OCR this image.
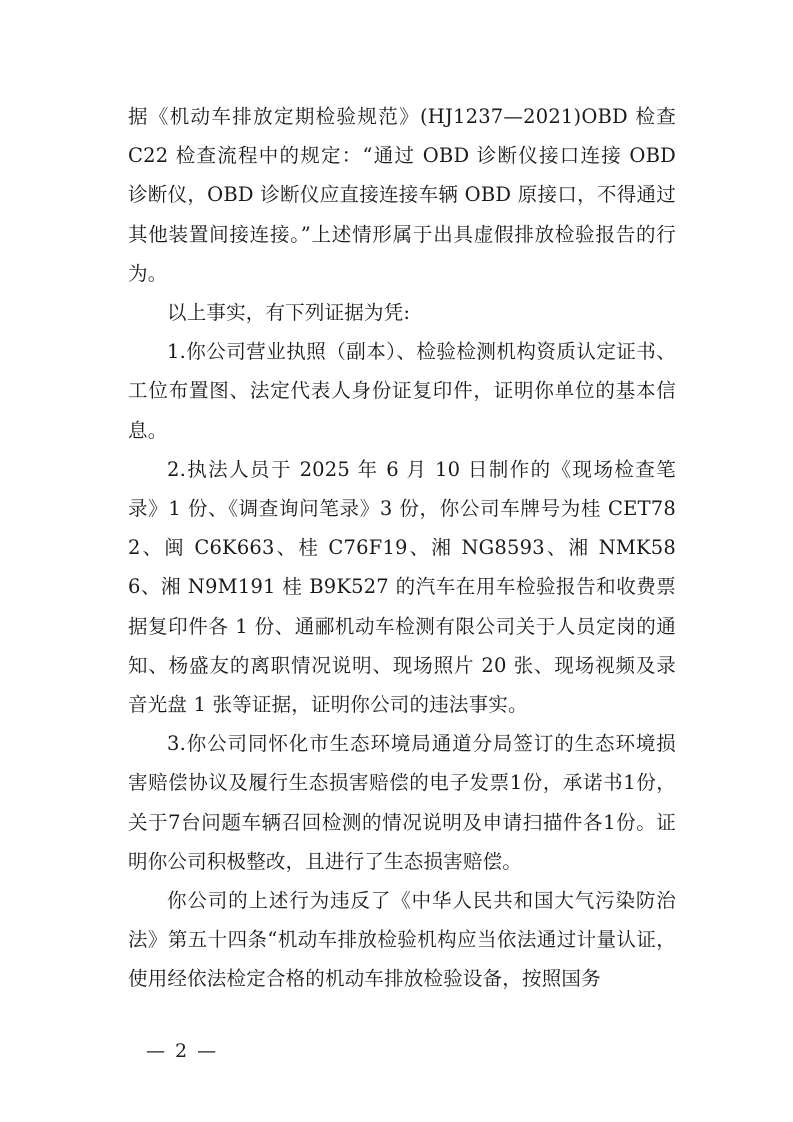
据《机动车排放定期检验规范》(HJ1237—2021)OBD 检查 C22 检查流程中的规定：“通过 OBD 诊断仪接口连接 OBD 诊断仪，OBD 诊断仪应直接连接车辆 OBD 原接口，不得通过其他装置间接连接。”上述情形属于出具虚假排放检验报告的行为。

以上事实，有下列证据为凭:

1.你公司营业执照（副本）、检验检测机构资质认定证书、工位布置图、法定代表人身份证复印件，证明你单位的基本信息。

2.执法人员于 2025 年 6 月 10 日制作的《现场检查笔录》1 份、《调查询问笔录》3 份，你公司车牌号为桂 CET782、闽 C6K663、桂 C76F19、湘 NG8593、湘 NMK586、湘 N9M191 桂 B9K527 的汽车在用车检验报告和收费票据复印件各 1 份、通郦机动车检测有限公司关于人员定岗的通知、杨盛友的离职情况说明、现场照片 20 张、现场视频及录音光盘 1 张等证据，证明你公司的违法事实。

3.你公司同怀化市生态环境局通道分局签订的生态环境损害赔偿协议及履行生态损害赔偿的电子发票1份，承诺书1份，关于7台问题车辆召回检测的情况说明及申请扫描件各1份。证明你公司积极整改，且进行了生态损害赔偿。

你公司的上述行为违反了《中华人民共和国大气污染防治法》第五十四条“机动车排放检验机构应当依法通过计量认证，使用经依法检定合格的机动车排放检验设备，按照国务

— 2 —
